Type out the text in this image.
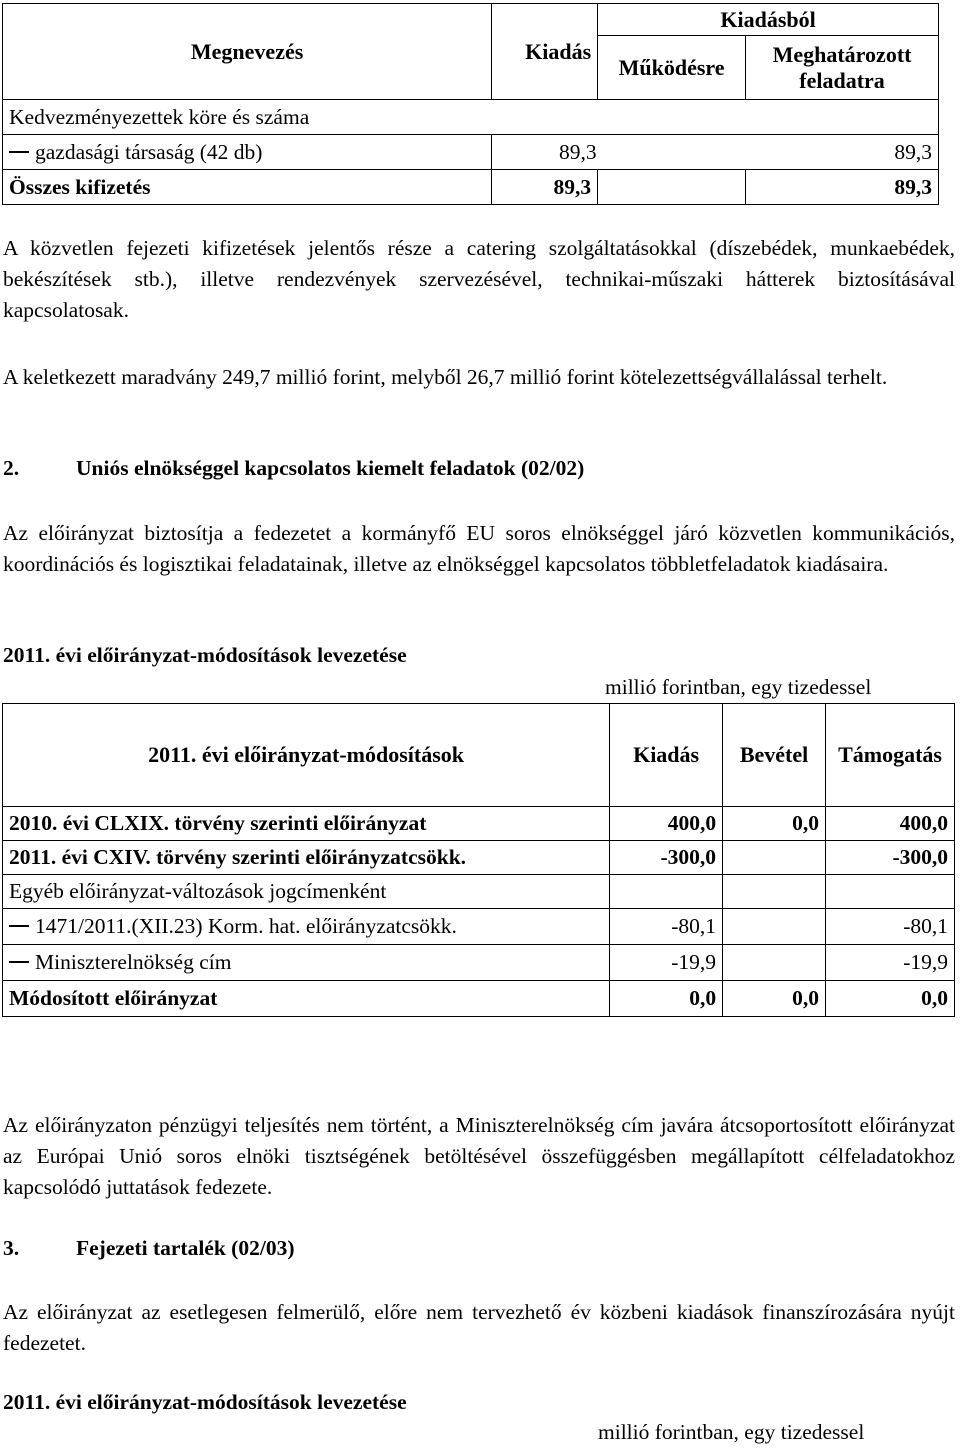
Megnevezés	Kiadás	Kiadásból	
		Működésre	Meghatározott feladatra
Kedvezményezettek köre és száma			
gazdasági társaság (42 db)	89,3		89,3
Összes kifizetés	89,3		89,3
A közvetlen fejezeti kifizetések jelentős része a catering szolgáltatásokkal (díszebédek, munkaebédek, bekészítések stb.), illetve rendezvények szervezésével, technikai-műszaki hátterek biztosításával kapcsolatosak.
A keletkezett maradvány 249,7 millió forint, melyből 26,7 millió forint kötelezettségvállalással terhelt.
2.	Uniós elnökséggel kapcsolatos kiemelt feladatok (02/02)
Az előirányzat biztosítja a fedezetet a kormányfő EU soros elnökséggel járó közvetlen kommunikációs, koordinációs és logisztikai feladatainak, illetve az elnökséggel kapcsolatos többletfeladatok kiadásaira.
2011. évi előirányzat-módosítások levezetése
millió forintban, egy tizedessel
2011. évi előirányzat-módosítások	Kiadás	Bevétel	Támogatás
2010. évi CLXIX. törvény szerinti előirányzat	400,0	0,0	400,0
2011. évi CXIV. törvény szerinti előirányzatcsökk.	-300,0		-300,0
Egyéb előirányzat-változások jogcímenként			
1471/2011.(XII.23) Korm. hat. előirányzatcsökk.	-80,1		-80,1
Miniszterelnökség cím	-19,9		-19,9
Módosított előirányzat	0,0	0,0	0,0
Az előirányzaton pénzügyi teljesítés nem történt, a Miniszterelnökség cím javára átcsoportosított előirányzat az Európai Unió soros elnöki tisztségének betöltésével összefüggésben megállapított célfeladatokhoz kapcsolódó juttatások fedezete.
3.	Fejezeti tartalék (02/03)
Az előirányzat az esetlegesen felmerülő, előre nem tervezhető év közbeni kiadások finanszírozására nyújt fedezetet.
2011. évi előirányzat-módosítások levezetése
millió forintban, egy tizedessel
